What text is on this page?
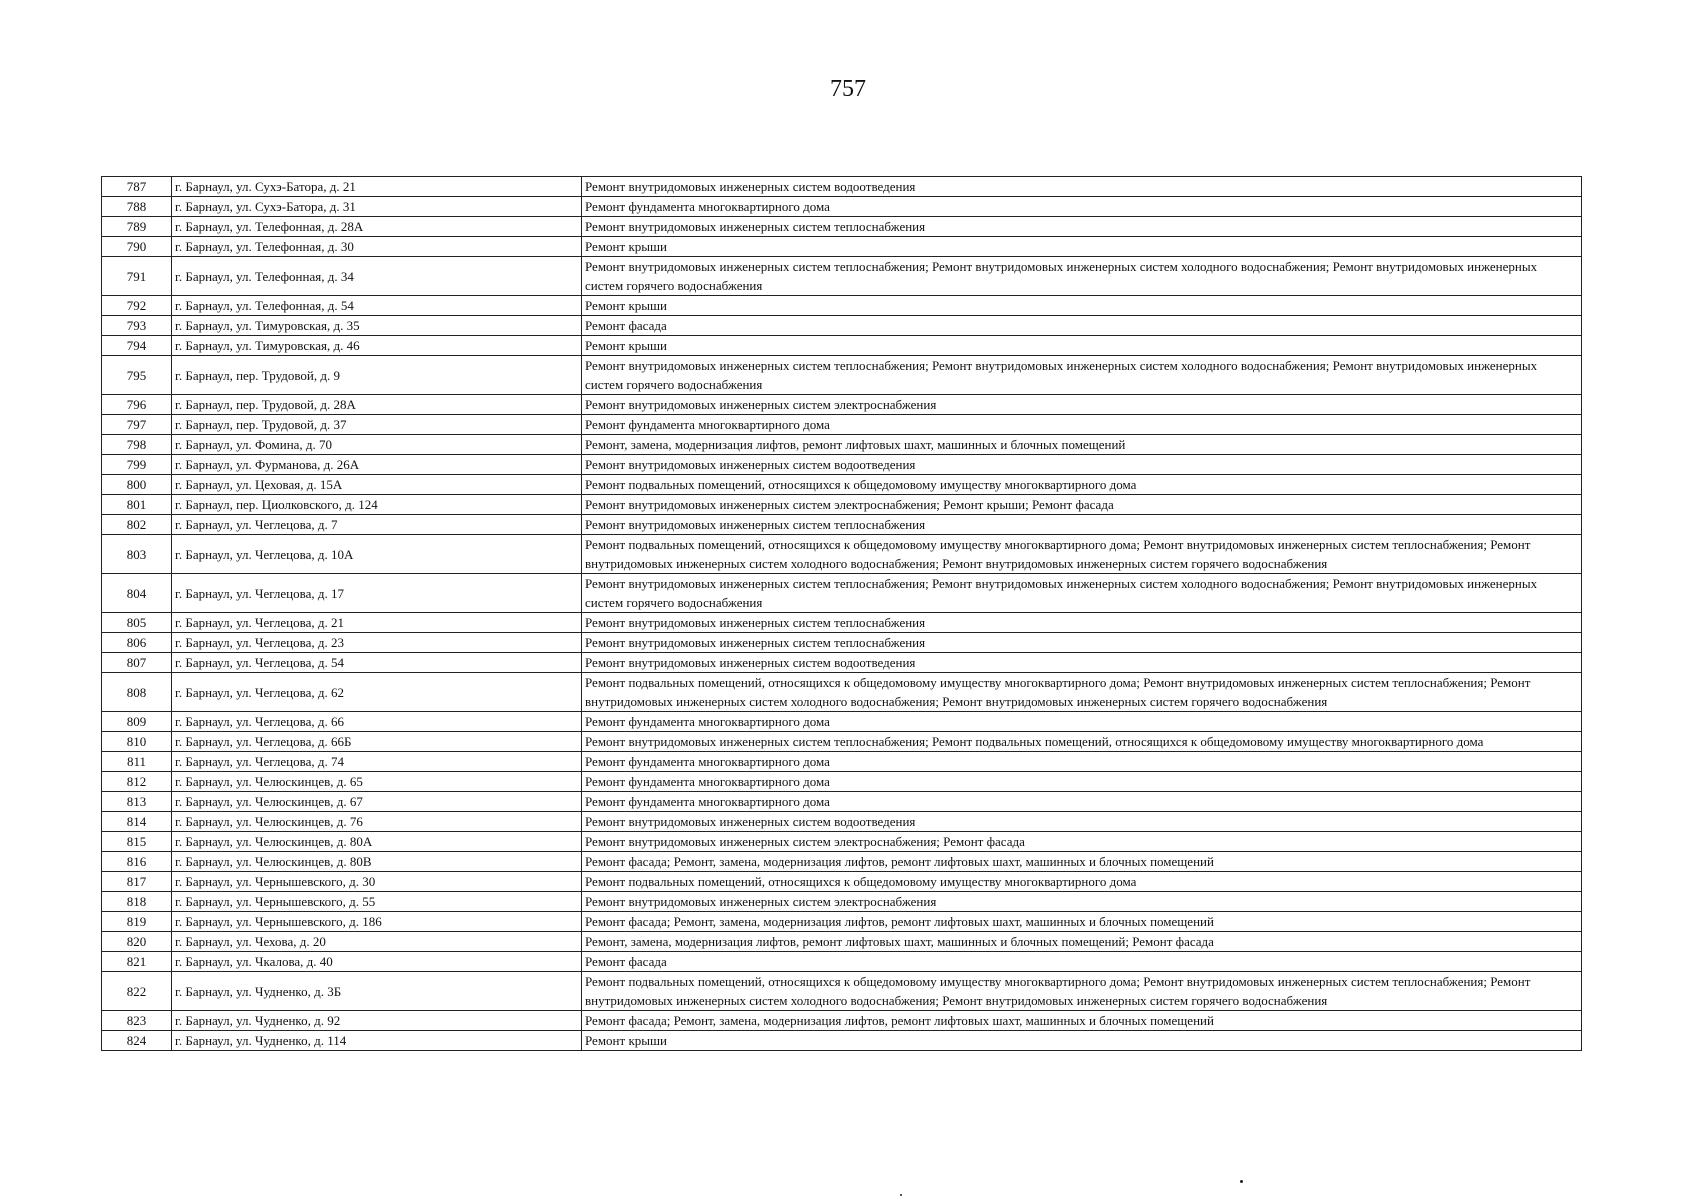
757
787	г. Барнаул, ул. Сухэ-Батора, д. 21	Ремонт внутридомовых инженерных систем водоотведения
788	г. Барнаул, ул. Сухэ-Батора, д. 31	Ремонт фундамента многоквартирного дома
789	г. Барнаул, ул. Телефонная, д. 28А	Ремонт внутридомовых инженерных систем теплоснабжения
790	г. Барнаул, ул. Телефонная, д. 30	Ремонт крыши
791	г. Барнаул, ул. Телефонная, д. 34	Ремонт внутридомовых инженерных систем теплоснабжения; Ремонт внутридомовых инженерных систем холодного водоснабжения; Ремонт внутридомовых инженерных систем горячего водоснабжения
792	г. Барнаул, ул. Телефонная, д. 54	Ремонт крыши
793	г. Барнаул, ул. Тимуровская, д. 35	Ремонт фасада
794	г. Барнаул, ул. Тимуровская, д. 46	Ремонт крыши
795	г. Барнаул, пер. Трудовой, д. 9	Ремонт внутридомовых инженерных систем теплоснабжения; Ремонт внутридомовых инженерных систем холодного водоснабжения; Ремонт внутридомовых инженерных систем горячего водоснабжения
796	г. Барнаул, пер. Трудовой, д. 28А	Ремонт внутридомовых инженерных систем электроснабжения
797	г. Барнаул, пер. Трудовой, д. 37	Ремонт фундамента многоквартирного дома
798	г. Барнаул, ул. Фомина, д. 70	Ремонт, замена, модернизация лифтов, ремонт лифтовых шахт, машинных и блочных помещений
799	г. Барнаул, ул. Фурманова, д. 26А	Ремонт внутридомовых инженерных систем водоотведения
800	г. Барнаул, ул. Цеховая, д. 15А	Ремонт подвальных помещений, относящихся к общедомовому имуществу многоквартирного дома
801	г. Барнаул, пер. Циолковского, д. 124	Ремонт внутридомовых инженерных систем электроснабжения; Ремонт крыши; Ремонт фасада
802	г. Барнаул, ул. Чеглецова, д. 7	Ремонт внутридомовых инженерных систем теплоснабжения
803	г. Барнаул, ул. Чеглецова, д. 10А	Ремонт подвальных помещений, относящихся к общедомовому имуществу многоквартирного дома; Ремонт внутридомовых инженерных систем теплоснабжения; Ремонт внутридомовых инженерных систем холодного водоснабжения; Ремонт внутридомовых инженерных систем горячего водоснабжения
804	г. Барнаул, ул. Чеглецова, д. 17	Ремонт внутридомовых инженерных систем теплоснабжения; Ремонт внутридомовых инженерных систем холодного водоснабжения; Ремонт внутридомовых инженерных систем горячего водоснабжения
805	г. Барнаул, ул. Чеглецова, д. 21	Ремонт внутридомовых инженерных систем теплоснабжения
806	г. Барнаул, ул. Чеглецова, д. 23	Ремонт внутридомовых инженерных систем теплоснабжения
807	г. Барнаул, ул. Чеглецова, д. 54	Ремонт внутридомовых инженерных систем водоотведения
808	г. Барнаул, ул. Чеглецова, д. 62	Ремонт подвальных помещений, относящихся к общедомовому имуществу многоквартирного дома; Ремонт внутридомовых инженерных систем теплоснабжения; Ремонт внутридомовых инженерных систем холодного водоснабжения; Ремонт внутридомовых инженерных систем горячего водоснабжения
809	г. Барнаул, ул. Чеглецова, д. 66	Ремонт фундамента многоквартирного дома
810	г. Барнаул, ул. Чеглецова, д. 66Б	Ремонт внутридомовых инженерных систем теплоснабжения; Ремонт подвальных помещений, относящихся к общедомовому имуществу многоквартирного дома
811	г. Барнаул, ул. Чеглецова, д. 74	Ремонт фундамента многоквартирного дома
812	г. Барнаул, ул. Челюскинцев, д. 65	Ремонт фундамента многоквартирного дома
813	г. Барнаул, ул. Челюскинцев, д. 67	Ремонт фундамента многоквартирного дома
814	г. Барнаул, ул. Челюскинцев, д. 76	Ремонт внутридомовых инженерных систем водоотведения
815	г. Барнаул, ул. Челюскинцев, д. 80А	Ремонт внутридомовых инженерных систем электроснабжения; Ремонт фасада
816	г. Барнаул, ул. Челюскинцев, д. 80В	Ремонт фасада; Ремонт, замена, модернизация лифтов, ремонт лифтовых шахт, машинных и блочных помещений
817	г. Барнаул, ул. Чернышевского, д. 30	Ремонт подвальных помещений, относящихся к общедомовому имуществу многоквартирного дома
818	г. Барнаул, ул. Чернышевского, д. 55	Ремонт внутридомовых инженерных систем электроснабжения
819	г. Барнаул, ул. Чернышевского, д. 186	Ремонт фасада; Ремонт, замена, модернизация лифтов, ремонт лифтовых шахт, машинных и блочных помещений
820	г. Барнаул, ул. Чехова, д. 20	Ремонт, замена, модернизация лифтов, ремонт лифтовых шахт, машинных и блочных помещений; Ремонт фасада
821	г. Барнаул, ул. Чкалова, д. 40	Ремонт фасада
822	г. Барнаул, ул. Чудненко, д. 3Б	Ремонт подвальных помещений, относящихся к общедомовому имуществу многоквартирного дома; Ремонт внутридомовых инженерных систем теплоснабжения; Ремонт внутридомовых инженерных систем холодного водоснабжения; Ремонт внутридомовых инженерных систем горячего водоснабжения
823	г. Барнаул, ул. Чудненко, д. 92	Ремонт фасада; Ремонт, замена, модернизация лифтов, ремонт лифтовых шахт, машинных и блочных помещений
824	г. Барнаул, ул. Чудненко, д. 114	Ремонт крыши
